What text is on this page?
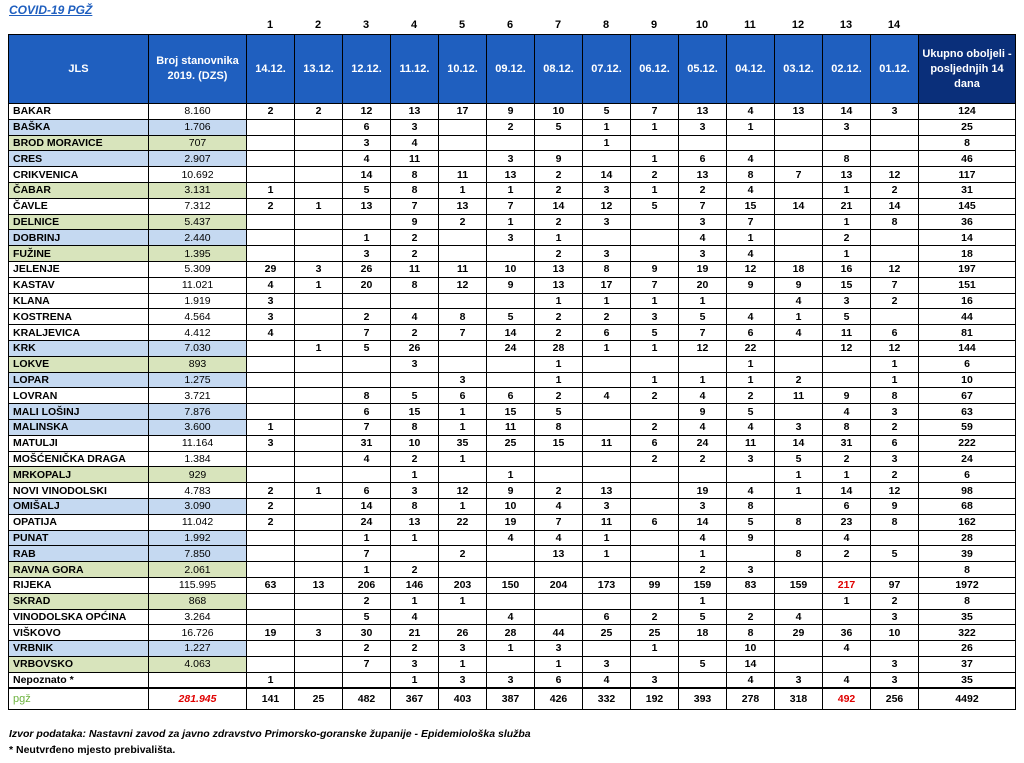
COVID-19 PGŽ
		1	2	3	4	5	6	7	8	9	10	11	12	13	14	
JLS	Broj stanovnika 2019. (DZS)	14.12.	13.12.	12.12.	11.12.	10.12.	09.12.	08.12.	07.12.	06.12.	05.12.	04.12.	03.12.	02.12.	01.12.	Ukupno oboljeli - posljednjih 14 dana
BAKAR	8.160	2	2	12	13	17	9	10	5	7	13	4	13	14	3	124
BAŠKA	1.706			6	3		2	5	1	1	3	1		3		25
BROD MORAVICE	707			3	4				1							8
CRES	2.907			4	11		3	9		1	6	4		8		46
CRIKVENICA	10.692			14	8	11	13	2	14	2	13	8	7	13	12	117
ČABAR	3.131	1		5	8	1	1	2	3	1	2	4		1	2	31
ČAVLE	7.312	2	1	13	7	13	7	14	12	5	7	15	14	21	14	145
DELNICE	5.437				9	2	1	2	3		3	7		1	8	36
DOBRINJ	2.440			1	2		3	1			4	1		2		14
FUŽINE	1.395			3	2			2	3		3	4		1		18
JELENJE	5.309	29	3	26	11	11	10	13	8	9	19	12	18	16	12	197
KASTAV	11.021	4	1	20	8	12	9	13	17	7	20	9	9	15	7	151
KLANA	1.919	3						1	1	1	1		4	3	2	16
KOSTRENA	4.564	3		2	4	8	5	2	2	3	5	4	1	5		44
KRALJEVICA	4.412	4		7	2	7	14	2	6	5	7	6	4	11	6	81
KRK	7.030		1	5	26		24	28	1	1	12	22		12	12	144
LOKVE	893				3			1				1			1	6
LOPAR	1.275					3		1		1	1	1	2		1	10
LOVRAN	3.721			8	5	6	6	2	4	2	4	2	11	9	8	67
MALI LOŠINJ	7.876			6	15	1	15	5			9	5		4	3	63
MALINSKA	3.600	1		7	8	1	11	8		2	4	4	3	8	2	59
MATULJI	11.164	3		31	10	35	25	15	11	6	24	11	14	31	6	222
MOŠĆENIČKA DRAGA	1.384			4	2	1				2	2	3	5	2	3	24
MRKOPALJ	929				1		1						1	1	2	6
NOVI VINODOLSKI	4.783	2	1	6	3	12	9	2	13		19	4	1	14	12	98
OMIŠALJ	3.090	2		14	8	1	10	4	3		3	8		6	9	68
OPATIJA	11.042	2		24	13	22	19	7	11	6	14	5	8	23	8	162
PUNAT	1.992			1	1		4	4	1		4	9		4		28
RAB	7.850			7		2		13	1		1		8	2	5	39
RAVNA GORA	2.061			1	2						2	3				8
RIJEKA	115.995	63	13	206	146	203	150	204	173	99	159	83	159	217	97	1972
SKRAD	868			2	1	1					1			1	2	8
VINODOLSKA OPĆINA	3.264			5	4		4		6	2	5	2	4		3	35
VIŠKOVO	16.726	19	3	30	21	26	28	44	25	25	18	8	29	36	10	322
VRBNIK	1.227			2	2	3	1	3		1		10		4		26
VRBOVSKO	4.063			7	3	1		1	3		5	14			3	37
Nepoznato *		1			1	3	3	6	4	3		4	3	4	3	35
pgž	281.945	141	25	482	367	403	387	426	332	192	393	278	318	492	256	4492
Izvor podataka: Nastavni zavod za javno zdravstvo Primorsko-goranske županije - Epidemiološka služba
* Neutvrđeno mjesto prebivališta.
